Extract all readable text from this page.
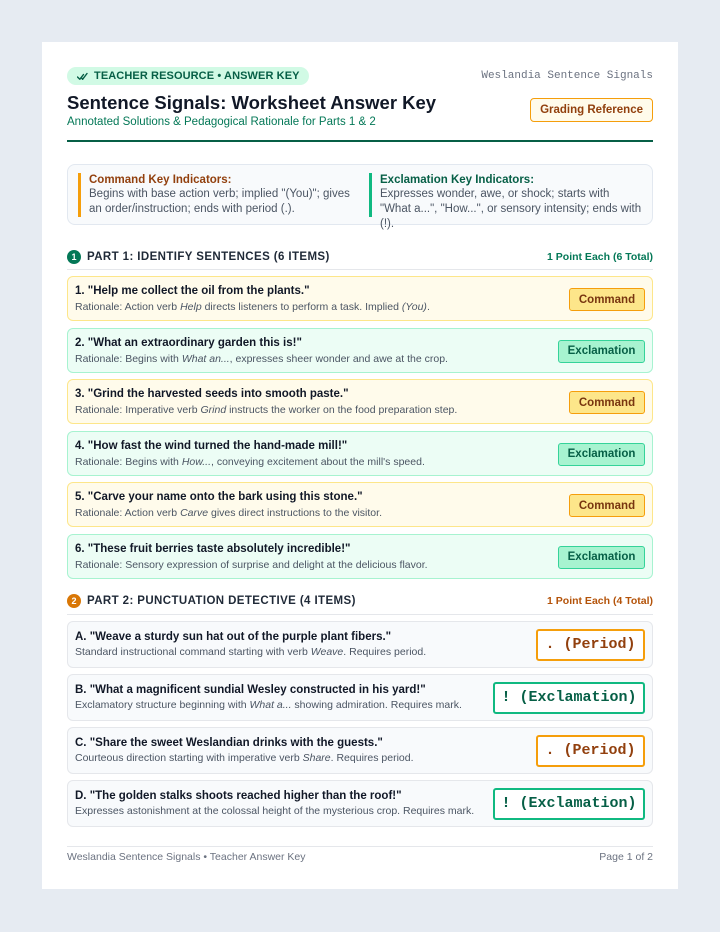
TEACHER RESOURCE • ANSWER KEY	Weslandia Sentence Signals
Sentence Signals: Worksheet Answer Key
Annotated Solutions & Pedagogical Rationale for Parts 1 & 2
Grading Reference
Command Key Indicators:
Begins with base action verb; implied "(You)"; gives an order/instruction; ends with period (.).
Exclamation Key Indicators:
Expresses wonder, awe, or shock; starts with "What a...", "How...", or sensory intensity; ends with (!).
1 PART 1: IDENTIFY SENTENCES (6 ITEMS)	1 Point Each (6 Total)
1. "Help me collect the oil from the plants."
Rationale: Action verb Help directs listeners to perform a task. Implied (You).
Command
2. "What an extraordinary garden this is!"
Rationale: Begins with What an..., expresses sheer wonder and awe at the crop.
Exclamation
3. "Grind the harvested seeds into smooth paste."
Rationale: Imperative verb Grind instructs the worker on the food preparation step.
Command
4. "How fast the wind turned the hand-made mill!"
Rationale: Begins with How..., conveying excitement about the mill's speed.
Exclamation
5. "Carve your name onto the bark using this stone."
Rationale: Action verb Carve gives direct instructions to the visitor.
Command
6. "These fruit berries taste absolutely incredible!"
Rationale: Sensory expression of surprise and delight at the delicious flavor.
Exclamation
2 PART 2: PUNCTUATION DETECTIVE (4 ITEMS)	1 Point Each (4 Total)
A. "Weave a sturdy sun hat out of the purple plant fibers."
Standard instructional command starting with verb Weave. Requires period.	. (Period)
B. "What a magnificent sundial Wesley constructed in his yard!"
Exclamatory structure beginning with What a... showing admiration. Requires mark.	! (Exclamation)
C. "Share the sweet Weslandian drinks with the guests."
Courteous direction starting with imperative verb Share. Requires period.	. (Period)
D. "The golden stalks shoots reached higher than the roof!"
Expresses astonishment at the colossal height of the mysterious crop. Requires mark.	! (Exclamation)
Weslandia Sentence Signals • Teacher Answer Key	Page 1 of 2
